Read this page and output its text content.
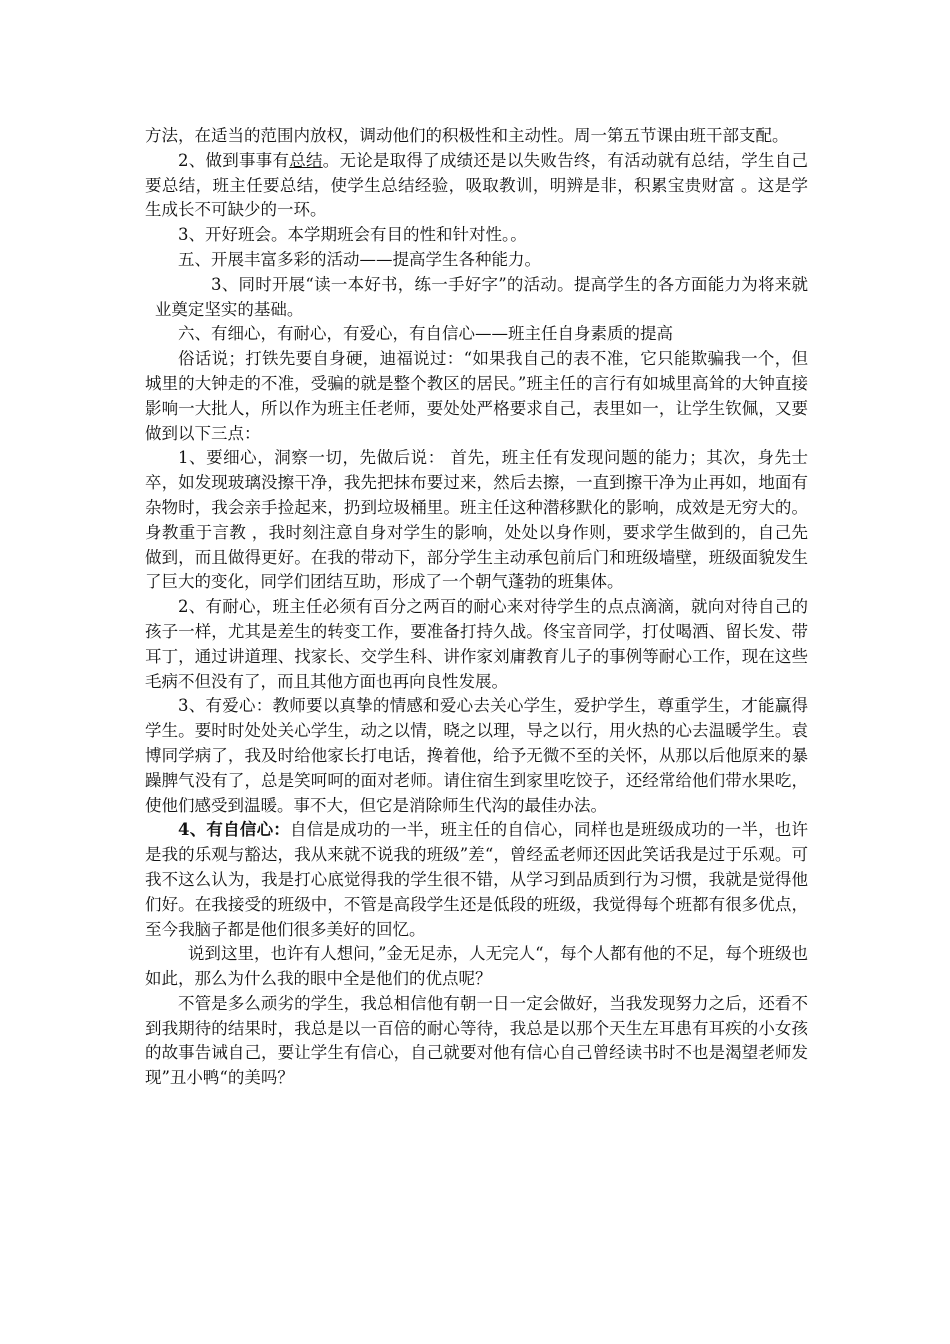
方法，在适当的范围内放权，调动他们的积极性和主动性。周一第五节课由班干部支配。

2、做到事事有总结。无论是取得了成绩还是以失败告终，有活动就有总结，学生自己要总结，班主任要总结，使学生总结经验，吸取教训，明辨是非，积累宝贵财富 。这是学生成长不可缺少的一环。

3、开好班会。本学期班会有目的性和针对性。。

五、开展丰富多彩的活动——提高学生各种能力。

3、同时开展“读一本好书，练一手好字”的活动。提高学生的各方面能力为将来就业奠定坚实的基础。

六、有细心，有耐心，有爱心，有自信心——班主任自身素质的提高

俗话说；打铁先要自身硬，迪福说过：“如果我自己的表不准，它只能欺骗我一个，但城里的大钟走的不准，受骗的就是整个教区的居民。”班主任的言行有如城里高耸的大钟直接影响一大批人，所以作为班主任老师，要处处严格要求自己，表里如一，让学生钦佩，又要做到以下三点：

1、要细心，洞察一切，先做后说： 首先，班主任有发现问题的能力；其次，身先士卒，如发现玻璃没擦干净，我先把抹布要过来，然后去擦，一直到擦干净为止再如，地面有杂物时，我会亲手捡起来，扔到垃圾桶里。班主任这种潜移默化的影响，成效是无穷大的。身教重于言教 ，我时刻注意自身对学生的影响，处处以身作则，要求学生做到的，自己先做到，而且做得更好。在我的带动下，部分学生主动承包前后门和班级墙壁，班级面貌发生了巨大的变化，同学们团结互助，形成了一个朝气蓬勃的班集体。

2、有耐心，班主任必须有百分之两百的耐心来对待学生的点点滴滴，就向对待自己的孩子一样，尤其是差生的转变工作，要准备打持久战。佟宝音同学，打仗喝酒、留长发、带耳丁，通过讲道理、找家长、交学生科、讲作家刘庸教育儿子的事例等耐心工作，现在这些毛病不但没有了，而且其他方面也再向良性发展。

3、有爱心：教师要以真挚的情感和爱心去关心学生，爱护学生，尊重学生，才能赢得学生。要时时处处关心学生，动之以情，晓之以理，导之以行，用火热的心去温暖学生。袁博同学病了，我及时给他家长打电话，搀着他，给予无微不至的关怀，从那以后他原来的暴躁脾气没有了，总是笑呵呵的面对老师。请住宿生到家里吃饺子，还经常给他们带水果吃，使他们感受到温暖。事不大，但它是消除师生代沟的最佳办法。

4、有自信心：自信是成功的一半，班主任的自信心，同样也是班级成功的一半，也许是我的乐观与豁达，我从来就不说我的班级”差“，曾经孟老师还因此笑话我是过于乐观。可我不这么认为，我是打心底觉得我的学生很不错，从学习到品质到行为习惯，我就是觉得他们好。在我接受的班级中，不管是高段学生还是低段的班级，我觉得每个班都有很多优点， 至今我脑子都是他们很多美好的回忆。

说到这里，也许有人想问，”金无足赤，人无完人“，每个人都有他的不足，每个班级也如此，那么为什么我的眼中全是他们的优点呢？

不管是多么顽劣的学生，我总相信他有朝一日一定会做好，当我发现努力之后，还看不到我期待的结果时，我总是以一百倍的耐心等待，我总是以那个天生左耳患有耳疾的小女孩的故事告诫自己，要让学生有信心，自己就要对他有信心自己曾经读书时不也是渴望老师发现”丑小鸭“的美吗？
